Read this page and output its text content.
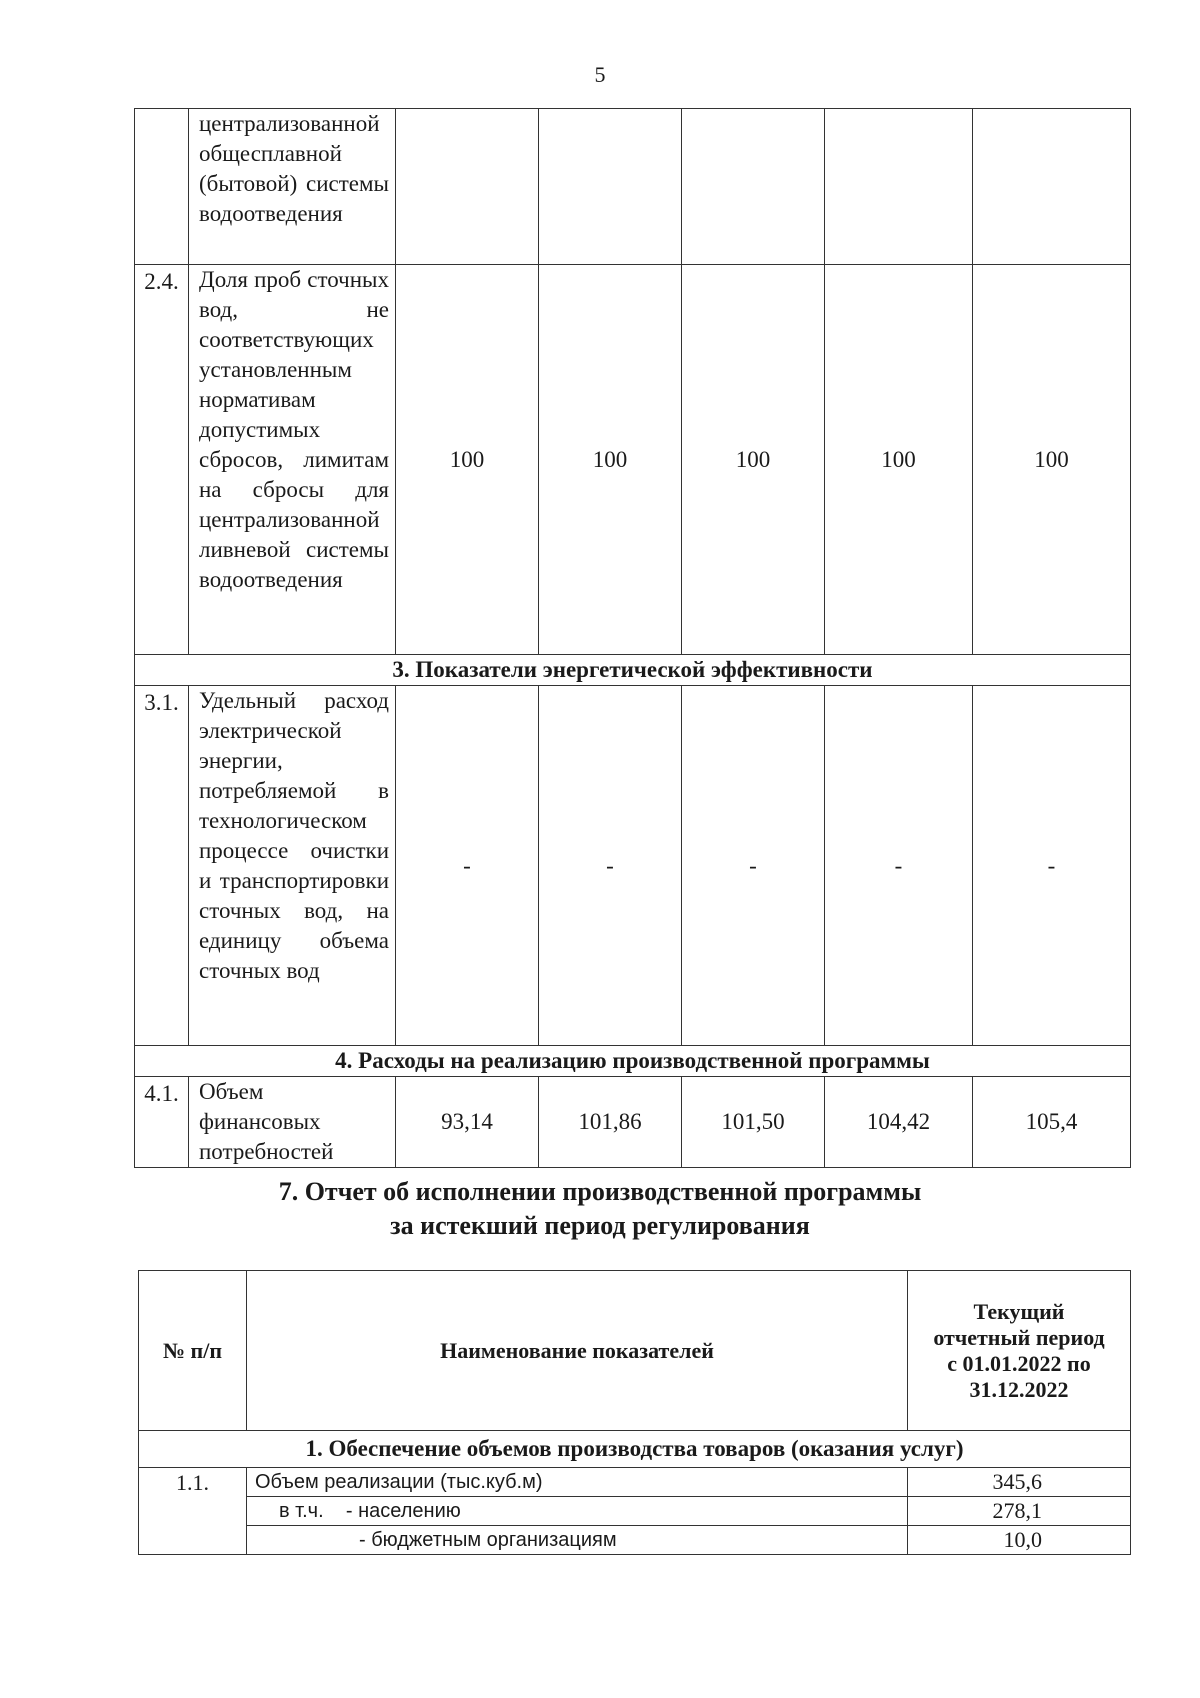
5
	централизованной общесплавной (бытовой) системы водоотведения					
2.4.	Доля проб сточных вод, не соответствующих установленным нормативам допустимых сбросов, лимитам на сбросы для централизованной ливневой системы водоотведения	100	100	100	100	100
3. Показатели энергетической эффективности						
3.1.	Удельный расход электрической энергии, потребляемой в технологическом процессе очистки и транспортировки сточных вод, на единицу объема сточных вод	-	-	-	-	-
4. Расходы на реализацию производственной программы						
4.1.	Объем финансовых потребностей	93,14	101,86	101,50	104,42	105,4
7. Отчет об исполнении производственной программы
за истекший период регулирования
№ п/п	Наименование показателей	Текущий отчетный период с 01.01.2022 по 31.12.2022
1. Обеспечение объемов производства товаров (оказания услуг)		
1.1.	Объем реализации (тыс.куб.м)	345,6
	в т.ч.    - населению	278,1
	- бюджетным организациям	10,0
